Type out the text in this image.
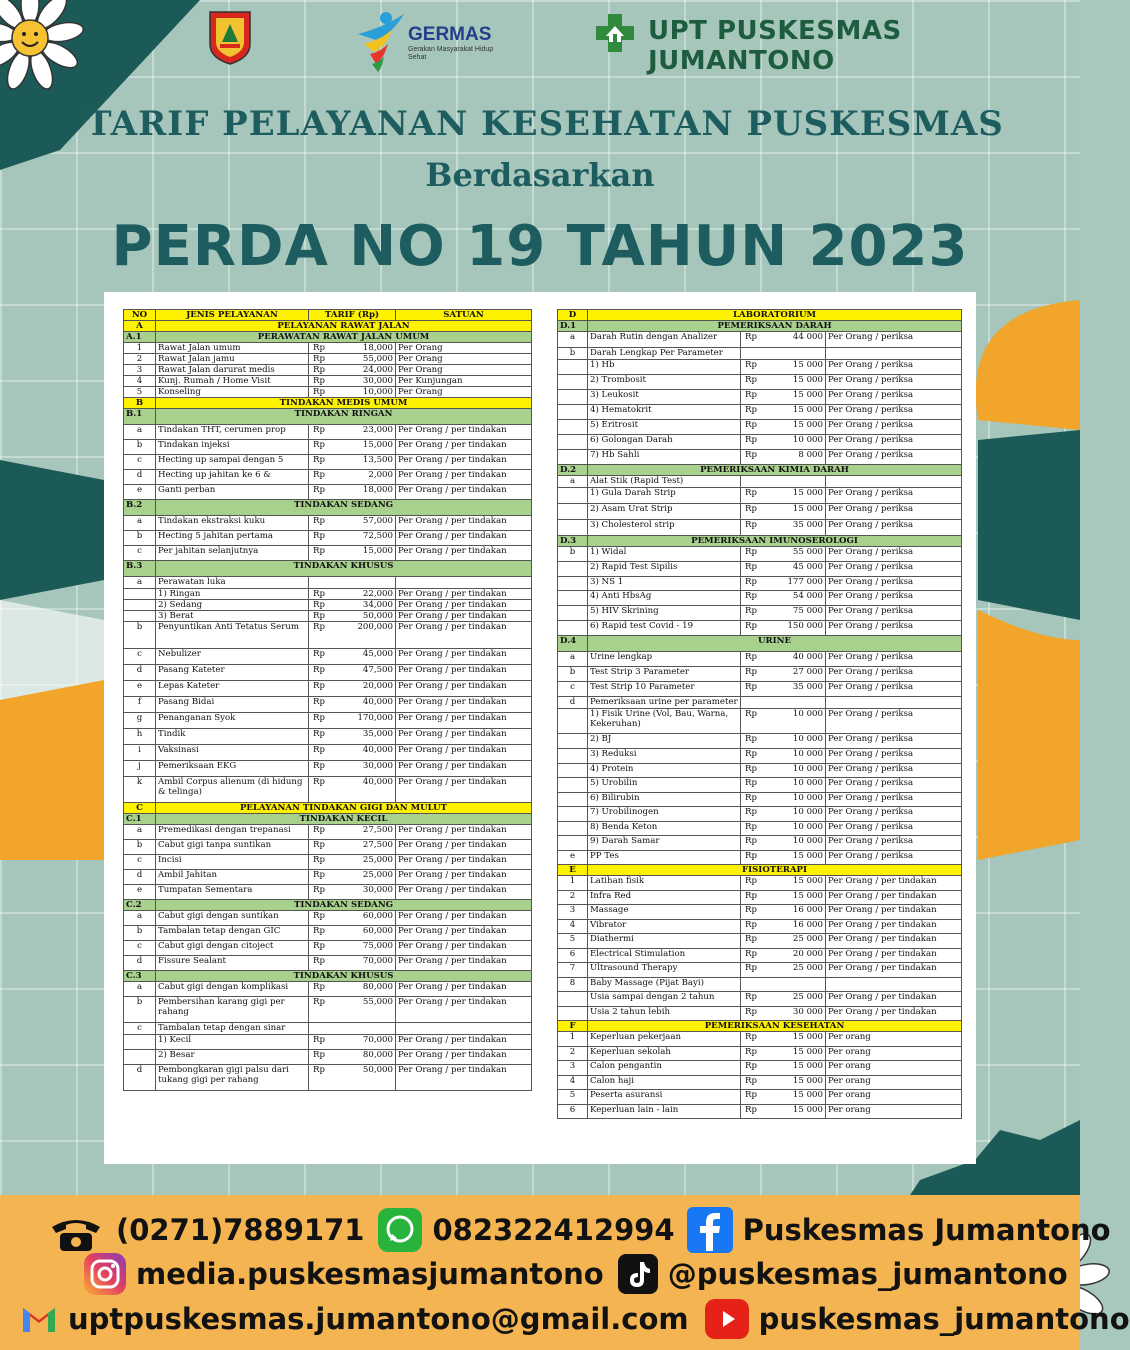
GERMAS
Gerakan Masyarakat Hidup Sehat
UPT PUSKESMAS JUMANTONO
TARIF PELAYANAN KESEHATAN PUSKESMAS
Berdasarkan
PERDA NO 19 TAHUN 2023
NO	JENIS PELAYANAN	TARIF (Rp)	SATUAN
A	PELAYANAN RAWAT JALAN		
A.1	PERAWATAN RAWAT JALAN UMUM		
1	Rawat Jalan umum	Rp 18,000	Per Orang
2	Rawat Jalan jamu	Rp 55,000	Per Orang
3	Rawat Jalan darurat medis	Rp 24,000	Per Orang
4	Kunj. Rumah / Home Visit	Rp 30,000	Per Kunjungan
5	Konseling	Rp 10,000	Per Orang
B	TINDAKAN MEDIS UMUM		
B.1	TINDAKAN RINGAN		
a	Tindakan THT, cerumen prop	Rp 23,000	Per Orang / per tindakan
b	Tindakan injeksi	Rp 15,000	Per Orang / per tindakan
c	Hecting up sampai dengan 5	Rp 13,500	Per Orang / per tindakan
d	Hecting up jahitan ke 6 &	Rp 2,000	Per Orang / per tindakan
e	Ganti perban	Rp 18,000	Per Orang / per tindakan
B.2	TINDAKAN SEDANG		
a	Tindakan ekstraksi kuku	Rp 57,000	Per Orang / per tindakan
b	Hecting 5 jahitan pertama	Rp 72,500	Per Orang / per tindakan
c	Per jahitan selanjutnya	Rp 15,000	Per Orang / per tindakan
B.3	TINDAKAN KHUSUS		
a	Perawatan luka	

	1) Ringan	Rp 22,000	Per Orang / per tindakan
	2) Sedang	Rp 34,000	Per Orang / per tindakan
	3) Berat	Rp 50,000	Per Orang / per tindakan
b	Penyuntikan Anti Tetatus Serum	Rp 200,000	Per Orang / per tindakan
c	Nebulizer	Rp 45,000	Per Orang / per tindakan
d	Pasang Kateter	Rp 47,500	Per Orang / per tindakan
e	Lepas Kateter	Rp 20,000	Per Orang / per tindakan
f	Pasang Bidai	Rp 40,000	Per Orang / per tindakan
g	Penanganan Syok	Rp 170,000	Per Orang / per tindakan
h	Tindik	Rp 35,000	Per Orang / per tindakan
i	Vaksinasi	Rp 40,000	Per Orang / per tindakan
j	Pemeriksaan EKG	Rp 30,000	Per Orang / per tindakan
k	Ambil Corpus alienum (di hidung & telinga)	Rp 40,000	Per Orang / per tindakan
C	PELAYANAN TINDAKAN GIGI DAN MULUT		
C.1	TINDAKAN KECIL		
a	Premedikasi dengan trepanasi	Rp 27,500	Per Orang / per tindakan
b	Cabut gigi tanpa suntikan	Rp 27,500	Per Orang / per tindakan
c	Incisi	Rp 25,000	Per Orang / per tindakan
d	Ambil Jahitan	Rp 25,000	Per Orang / per tindakan
e	Tumpatan Sementara	Rp 30,000	Per Orang / per tindakan
C.2	TINDAKAN SEDANG		
a	Cabut gigi dengan suntikan	Rp 60,000	Per Orang / per tindakan
b	Tambalan tetap dengan GIC	Rp 60,000	Per Orang / per tindakan
c	Cabut gigi dengan citoject	Rp 75,000	Per Orang / per tindakan
d	Fissure Sealant	Rp 70,000	Per Orang / per tindakan
C.3	TINDAKAN KHUSUS		
a	Cabut gigi dengan komplikasi	Rp 80,000	Per Orang / per tindakan
b	Pembersihan karang gigi per rahang	Rp 55,000	Per Orang / per tindakan
c	Tambalan tetap dengan sinar	

	1) Kecil	Rp 70,000	Per Orang / per tindakan
	2) Besar	Rp 80,000	Per Orang / per tindakan
d	Pembongkaran gigi palsu dari tukang gigi per rahang	Rp 50,000	Per Orang / per tindakan
D	LABORATORIUM		
D.1	PEMERIKSAAN DARAH		
a	Darah Rutin dengan Analizer	Rp 44 000	Per Orang / periksa
b	Darah Lengkap Per Parameter	

	1) Hb	Rp 15 000	Per Orang / periksa
	2) Trombosit	Rp 15 000	Per Orang / periksa
	3) Leukosit	Rp 15 000	Per Orang / periksa
	4) Hematokrit	Rp 15 000	Per Orang / periksa
	5) Eritrosit	Rp 15 000	Per Orang / periksa
	6) Golongan Darah	Rp 10 000	Per Orang / periksa
	7) Hb Sahli	Rp 8 000	Per Orang / periksa
D.2	PEMERIKSAAN KIMIA DARAH		
a	Alat Stik (Rapid Test)	

	1) Gula Darah Strip	Rp 15 000	Per Orang / periksa
	2) Asam Urat Strip	Rp 15 000	Per Orang / periksa
	3) Cholesterol strip	Rp 35 000	Per Orang / periksa
D.3	PEMERIKSAAN IMUNOSEROLOGI		
b	1) Widal	Rp 55 000	Per Orang / periksa
	2) Rapid Test Sipilis	Rp 45 000	Per Orang / periksa
	3) NS 1	Rp 177 000	Per Orang / periksa
	4) Anti HbsAg	Rp 54 000	Per Orang / periksa
	5) HIV Skrining	Rp 75 000	Per Orang / periksa
	6) Rapid test Covid - 19	Rp 150 000	Per Orang / periksa
D.4	URINE		
a	Urine lengkap	Rp 40 000	Per Orang / periksa
b	Test Strip 3 Parameter	Rp 27 000	Per Orang / periksa
c	Test Strip 10 Parameter	Rp 35 000	Per Orang / periksa
d	Pemeriksaan urine per parameter	

	1) Fisik Urine (Vol, Bau, Warna, Kekeruhan)	Rp 10 000	Per Orang / periksa
	2) BJ	Rp 10 000	Per Orang / periksa
	3) Reduksi	Rp 10 000	Per Orang / periksa
	4) Protein	Rp 10 000	Per Orang / periksa
	5) Urobilin	Rp 10 000	Per Orang / periksa
	6) Bilirubin	Rp 10 000	Per Orang / periksa
	7) Urobilinogen	Rp 10 000	Per Orang / periksa
	8) Benda Keton	Rp 10 000	Per Orang / periksa
	9) Darah Samar	Rp 10 000	Per Orang / periksa
e	PP Tes	Rp 15 000	Per Orang / periksa
E	FISIOTERAPI		
1	Latihan fisik	Rp 15 000	Per Orang / per tindakan
2	Infra Red	Rp 15 000	Per Orang / per tindakan
3	Massage	Rp 16 000	Per Orang / per tindakan
4	Vibrator	Rp 16 000	Per Orang / per tindakan
5	Diathermi	Rp 25 000	Per Orang / per tindakan
6	Electrical Stimulation	Rp 20 000	Per Orang / per tindakan
7	Ultrasound Therapy	Rp 25 000	Per Orang / per tindakan
8	Baby Massage (Pijat Bayi)	

	Usia sampai dengan 2 tahun	Rp 25 000	Per Orang / per tindakan
	Usia 2 tahun lebih	Rp 30 000	Per Orang / per tindakan
F	PEMERIKSAAN KESEHATAN		
1	Keperluan pekerjaan	Rp 15 000	Per orang
2	Keperluan sekolah	Rp 15 000	Per orang
3	Calon pengantin	Rp 15 000	Per orang
4	Calon haji	Rp 15 000	Per orang
5	Peserta asuransi	Rp 15 000	Per orang
6	Keperluan lain - lain	Rp 15 000	Per orang
(0271)7889171 082322412994 Puskesmas Jumantono
media.puskesmasjumantono @puskesmas_jumantono
uptpuskesmas.jumantono@gmail.com puskesmas_jumantono
